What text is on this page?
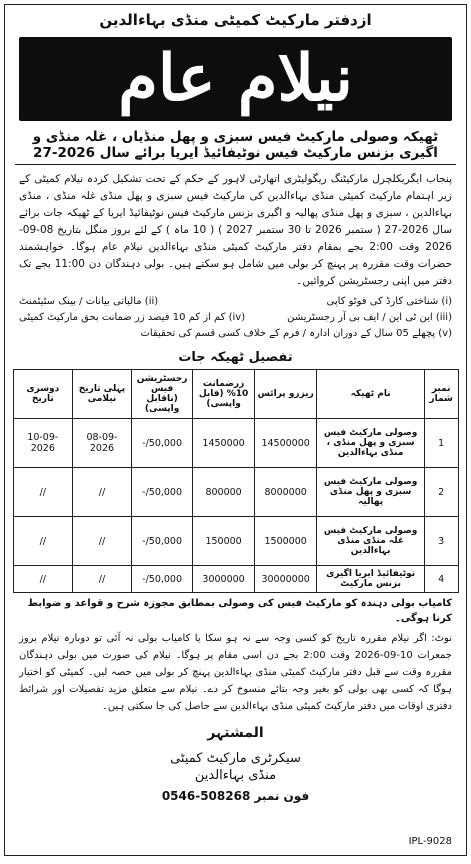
ازدفتر مارکیٹ کمیٹی منڈی بہاءالدین
نیلام عام
ٹھیکہ وصولی مارکیٹ فیس سبزی و پھل منڈیاں ، غلہ منڈی و اگیری بزنس مارکیٹ فیس نوٹیفائیڈ ایریا برائے سال 2026-27
پنجاب ایگریکلچرل مارکیٹنگ ریگولیٹری اتھارٹی لاہور کے حکم کے تحت تشکیل کردہ نیلام کمیٹی کے زیر اہتمام مارکیٹ کمیٹی منڈی بہاءالدین کی مارکیٹ فیس سبزی و پھل منڈی غلہ منڈی ، منڈی بہاءالدین ، سبزی و پھل منڈی پھالیہ و اگیری بزنس مارکیٹ فیس نوٹیفائیڈ ایریا کے ٹھیکہ جات برائے سال 2026-27 ( ستمبر 2026 تا 30 ستمبر 2027 ) ( 10 ماہ ) کے لئے بروز منگل بتاریخ 08-09-2026 وقت 2:00 بجے بمقام دفتر مارکیٹ کمیٹی منڈی بہاءالدین نیلام عام ہوگا۔ خواہشمند حضرات وقت مقررہ پر پہنچ کر بولی میں شامل ہو سکتے ہیں۔ بولی دہندگان دن 11:00 بجے تک دفتر میں اپنی رجسٹریشن کروائیں۔
(i) شناختی کارڈ کی فوٹو کاپی
(ii) مالیاتی بیانات / بینک سٹیٹمنٹ
(iii) این ٹی این / ایف بی آر رجسٹریشن
(iv) کم از کم 10 فیصد زر ضمانت بحق مارکیٹ کمیٹی
(v) پچھلے 05 سال کے دوران ادارہ / فرم کے خلاف کسی قسم کی تحقیقات
تفصیل ٹھیکہ جات
نمبر شمار	نام ٹھیکہ	ریزرو پرائس	زرضمانت 10% (قابل واپسی)	رجسٹریشن فیس (ناقابل واپسی)	پہلی تاریخ نیلامی	دوسری تاریخ
1	وصولی مارکیٹ فیس سبزی و پھل منڈی ، منڈی بہاءالدین	14500000	1450000	50,000/-	08-09-2026	10-09-2026
2	وصولی مارکیٹ فیس سبزی و پھل منڈی پھالیہ	8000000	800000	50,000/-	//	//
3	وصولی مارکیٹ فیس غلہ منڈی منڈی بہاءالدین	1500000	150000	50,000/-	//	//
4	نوٹیفائیڈ ایریا اگیری بزنس مارکیٹ	30000000	3000000	50,000/-	//	//
کامیاب بولی دہندہ کو مارکیٹ فیس کی وصولی بمطابق مجوزہ شرح و قواعد و ضوابط کرنا ہوگی۔
نوٹ: اگر نیلام مقررہ تاریخ کو کسی وجہ سے نہ ہو سکا یا کامیاب بولی نہ آئی تو دوبارہ نیلام بروز جمعرات 10-09-2026 وقت 2:00 بجے دن اسی مقام پر ہوگا۔ نیلام کی صورت میں بولی دہندگان مقررہ وقت سے قبل دفتر مارکیٹ کمیٹی منڈی بہاءالدین پہنچ کر بولی میں حصہ لیں۔ کمیٹی کو اختیار ہوگا کہ کسی بھی بولی کو بغیر وجہ بتائے منسوخ کر دے۔ نیلام سے متعلق مزید تفصیلات اور شرائط دفتری اوقات میں دفتر مارکیٹ کمیٹی منڈی بہاءالدین سے حاصل کی جا سکتی ہیں۔
المشتہر
سیکرٹری مارکیٹ کمیٹی
منڈی بہاءالدین
0546-508268 فون نمبر
IPL-9028
